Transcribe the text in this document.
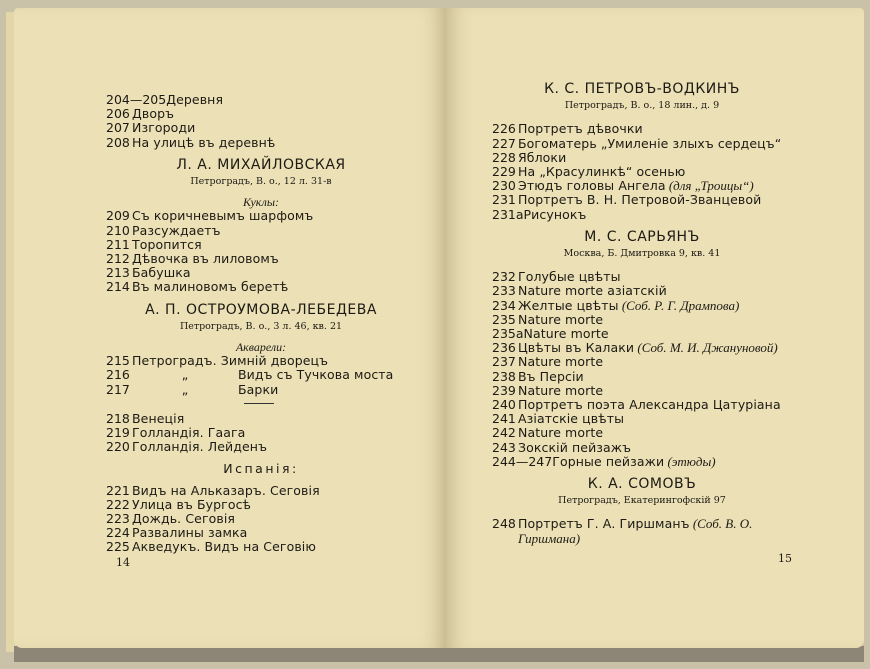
204—205 Деревня
206 Дворъ
207 Изгороди
208 На улицѣ въ деревнѣ
Л. А. МИХАЙЛОВСКАЯ
Петроградъ, В. о., 12 л. 31-в
Куклы:
209 Съ коричневымъ шарфомъ
210 Разсуждаетъ
211 Торопится
212 Дѣвочка въ лиловомъ
213 Бабушка
214 Въ малиновомъ беретѣ
А. П. ОСТРОУМОВА-ЛЕБЕДЕВА
Петроградъ, В. о., 3 л. 46, кв. 21
Акварели:
215 Петроградъ. Зимній дворецъ
216	„	Видъ съ Тучкова моста
217	„	Барки
218 Венеція
219 Голландія. Гаага
220 Голландія. Лейденъ
Испанія:
221 Видъ на Альказаръ. Сеговія
222 Улица въ Бургосѣ
223 Дождь. Сеговія
224 Развалины замка
225 Акведукъ. Видъ на Сеговію
14
К. С. ПЕТРОВЪ-ВОДКИНЪ
Петроградъ, В. о., 18 лин., д. 9
226 Портретъ дѣвочки
227 Богоматерь „Умиленіе злыхъ сердецъ“
228 Яблоки
229 На „Красулинкѣ“ осенью
230 Этюдъ головы Ангела
(для „Троицы“)
231 Портретъ В. Н. Петровой-Званцевой
231а Рисунокъ
М. С. САРЬЯНЪ
Москва, Б. Дмитровка 9, кв. 41
232 Голубые цвѣты
233 Nature morte азіатскій
234 Желтые цвѣты
(Соб. Р. Г. Дрампова)
235 Nature morte
235а Nature morte
236 Цвѣты въ Калаки
(Соб. М. И. Джануновой)
237 Nature morte
238 Въ Персіи
239 Nature morte
240 Портретъ поэта Александра Цатуріана
241 Азіатскіе цвѣты
242 Nature morte
243 Зокскій пейзажъ
244—247 Горные пейзажи
(этюды)
К. А. СОМОВЪ
Петроградъ, Екатерингофскій 97
248 Портретъ Г. А. Гиршманъ
(Соб. В. О.
Гиршмана)
15
